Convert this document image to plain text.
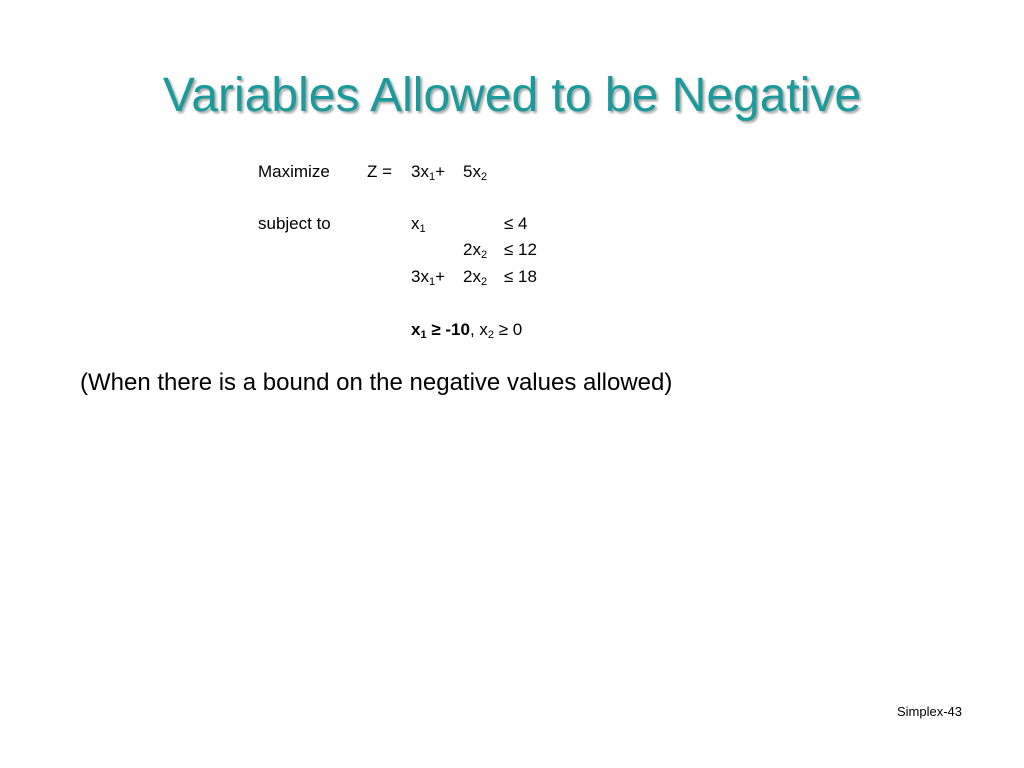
Variables Allowed to be Negative
Maximize $Z = 3x_1+ 5x_2$
subject to	$x_1$	≤ 4
$2x_2 \le 12$
$3x_1+ 2x_2 \le 18$
$x_1 \ge -10$, $x_2 \ge 0$
(When there is a bound on the negative values allowed)
Simplex-43
